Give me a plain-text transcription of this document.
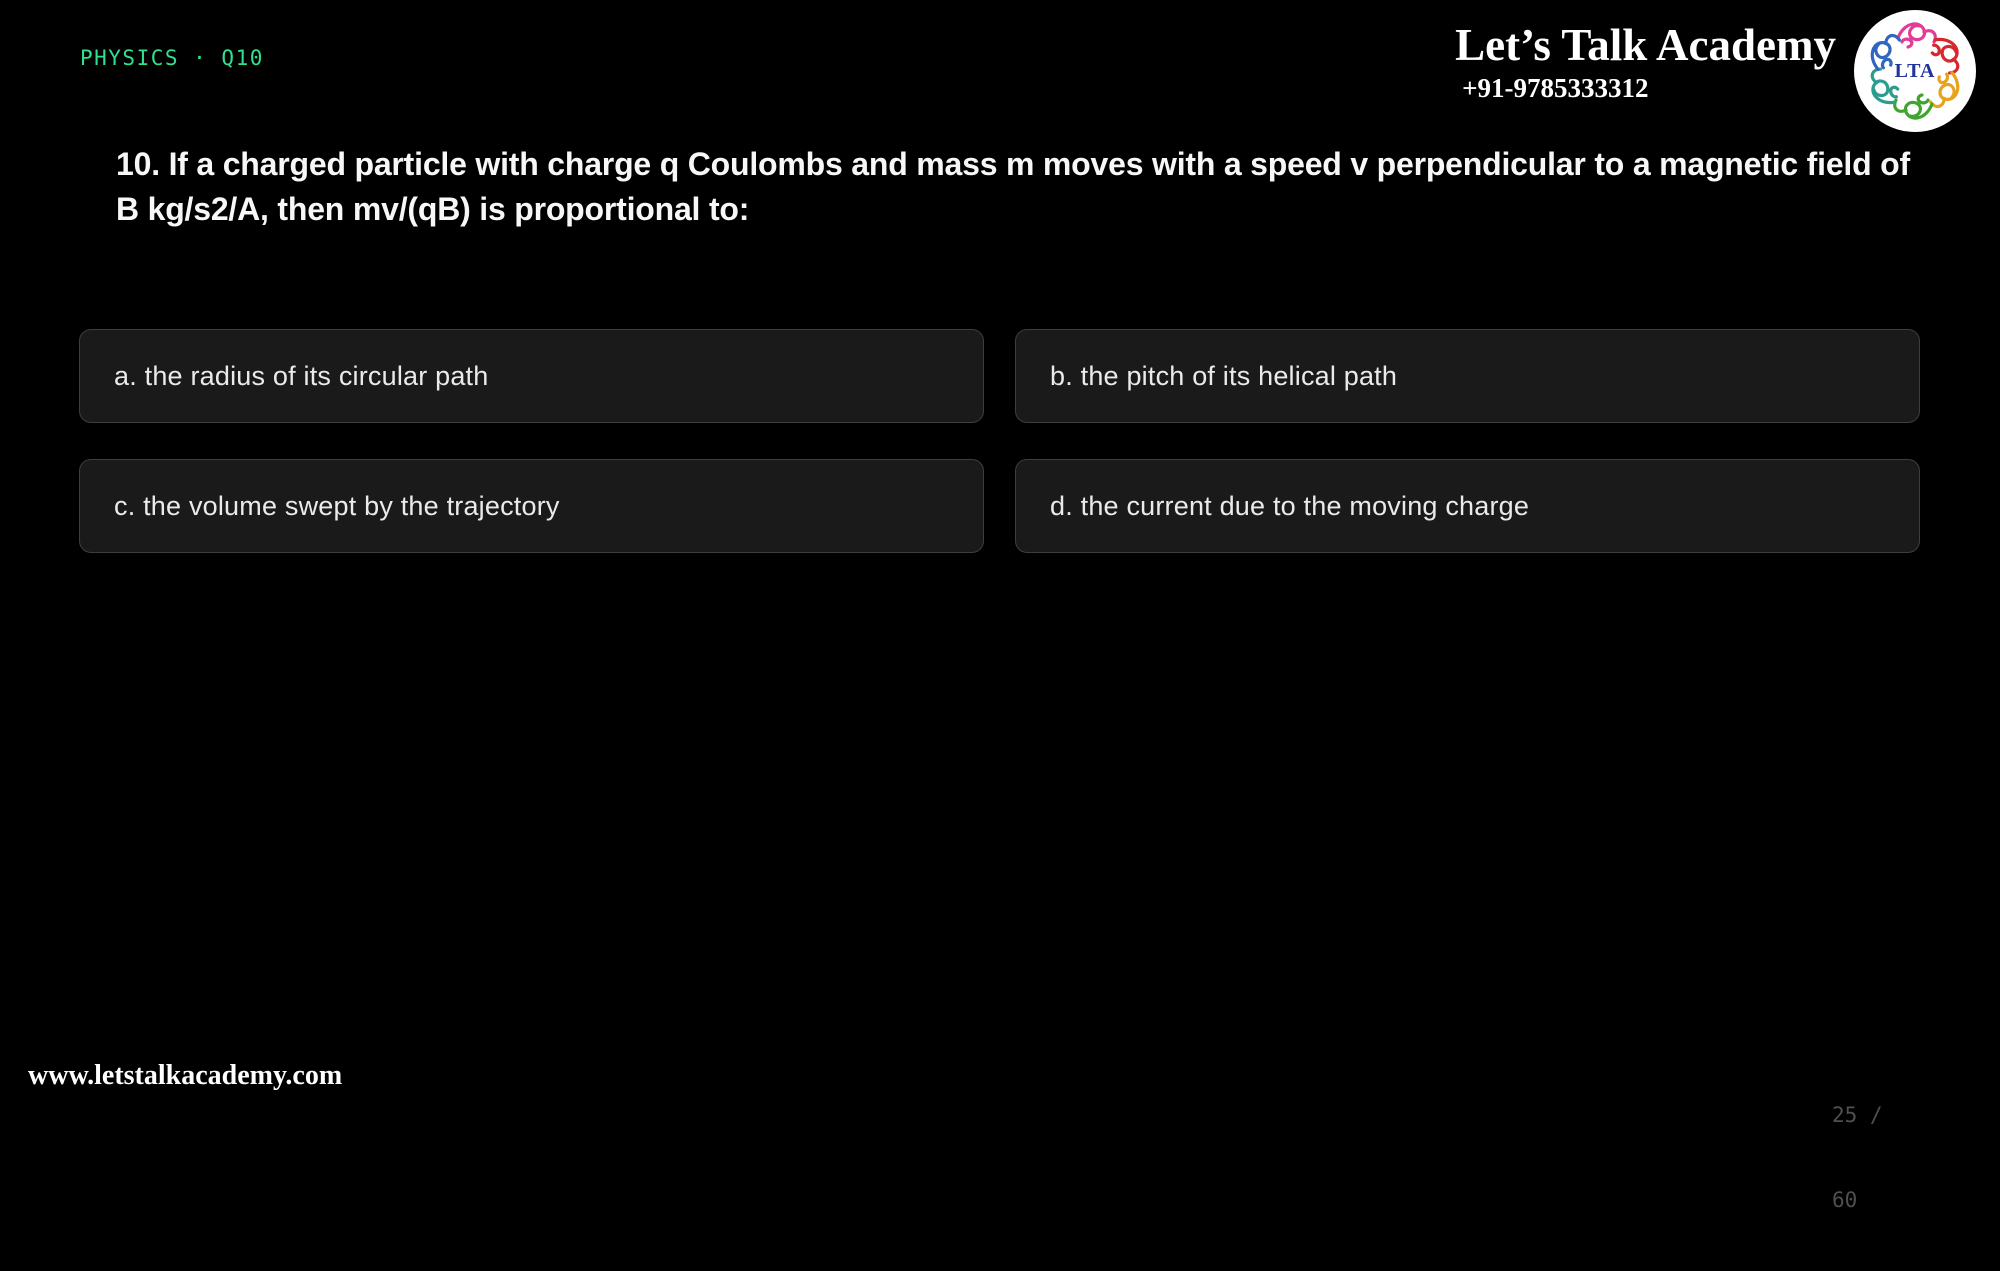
PHYSICS · Q10	Let’s Talk Academy
+91-9785333312
LTA
10. If a charged particle with charge q Coulombs and mass m moves with a speed v perpendicular to a magnetic field of B kg/s2/A, then mv/(qB) is proportional to:
a. the radius of its circular path	b. the pitch of its helical path
c. the volume swept by the trajectory	d. the current due to the moving charge
www.letstalkacademy.com

25 /

60
